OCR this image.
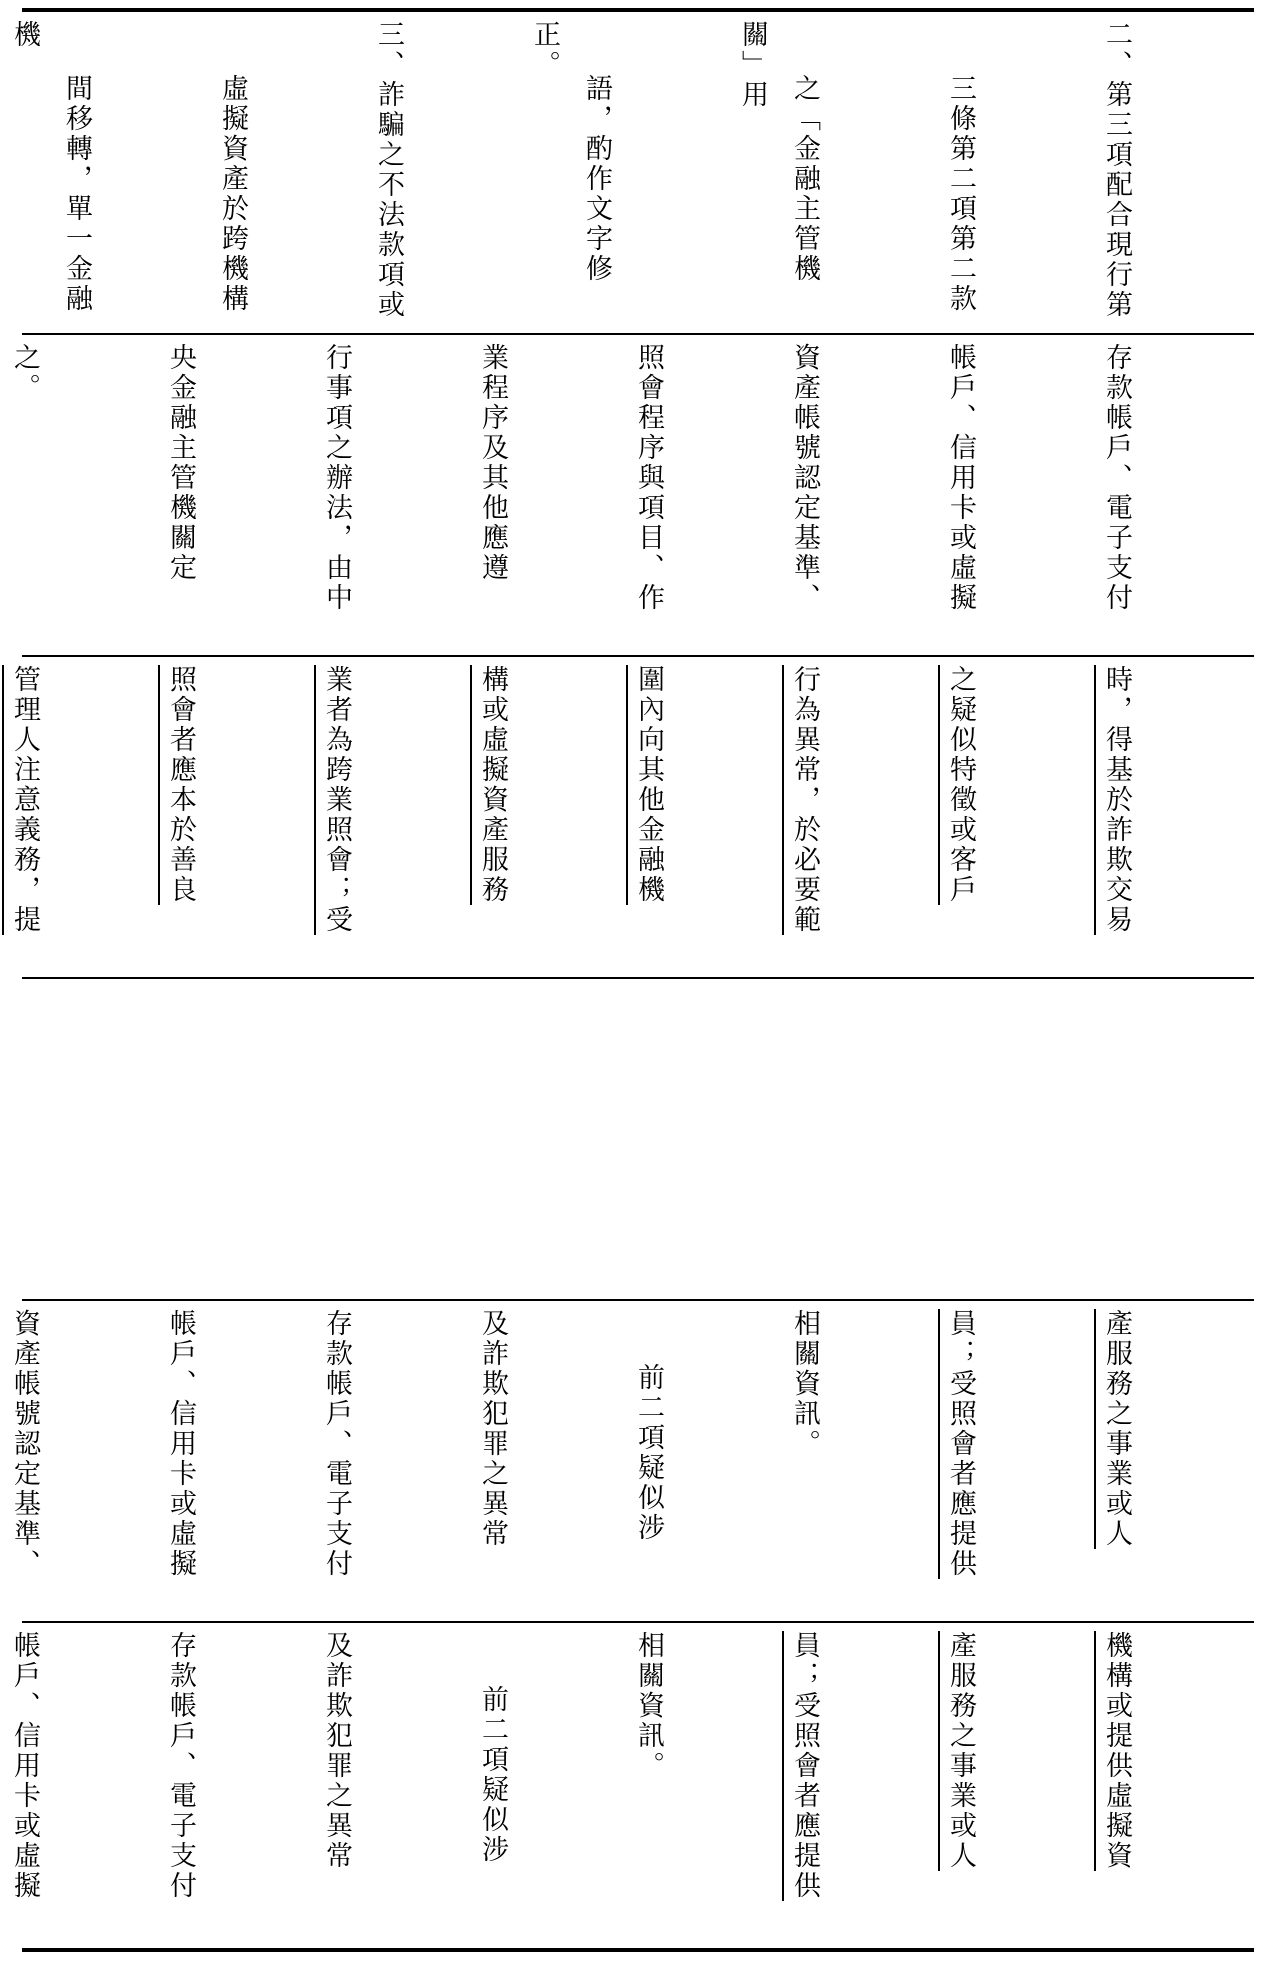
二、第三項配合現行第

三條第二項第二款

之「金融主管機關」用

語，酌作文字修正。

三、詐騙之不法款項或

虛擬資產於跨機構

間移轉，單一金融機

存款帳戶、電子支付

帳戶、信用卡或虛擬

資產帳號認定基準、

照會程序與項目、作

業程序及其他應遵

行事項之辦法，由中

央金融主管機關定

之。

時，得基於詐欺交易

之疑似特徵或客戶

行為異常，於必要範

圍內向其他金融機

構或虛擬資產服務

業者為跨業照會；受

照會者應本於善良

管理人注意義務，提

產服務之事業或人

員；受照會者應提供

相關資訊。

前二項疑似涉

及詐欺犯罪之異常

存款帳戶、電子支付

帳戶、信用卡或虛擬

資產帳號認定基準、

機構或提供虛擬資

產服務之事業或人

員；受照會者應提供

相關資訊。

前二項疑似涉

及詐欺犯罪之異常

存款帳戶、電子支付

帳戶、信用卡或虛擬
